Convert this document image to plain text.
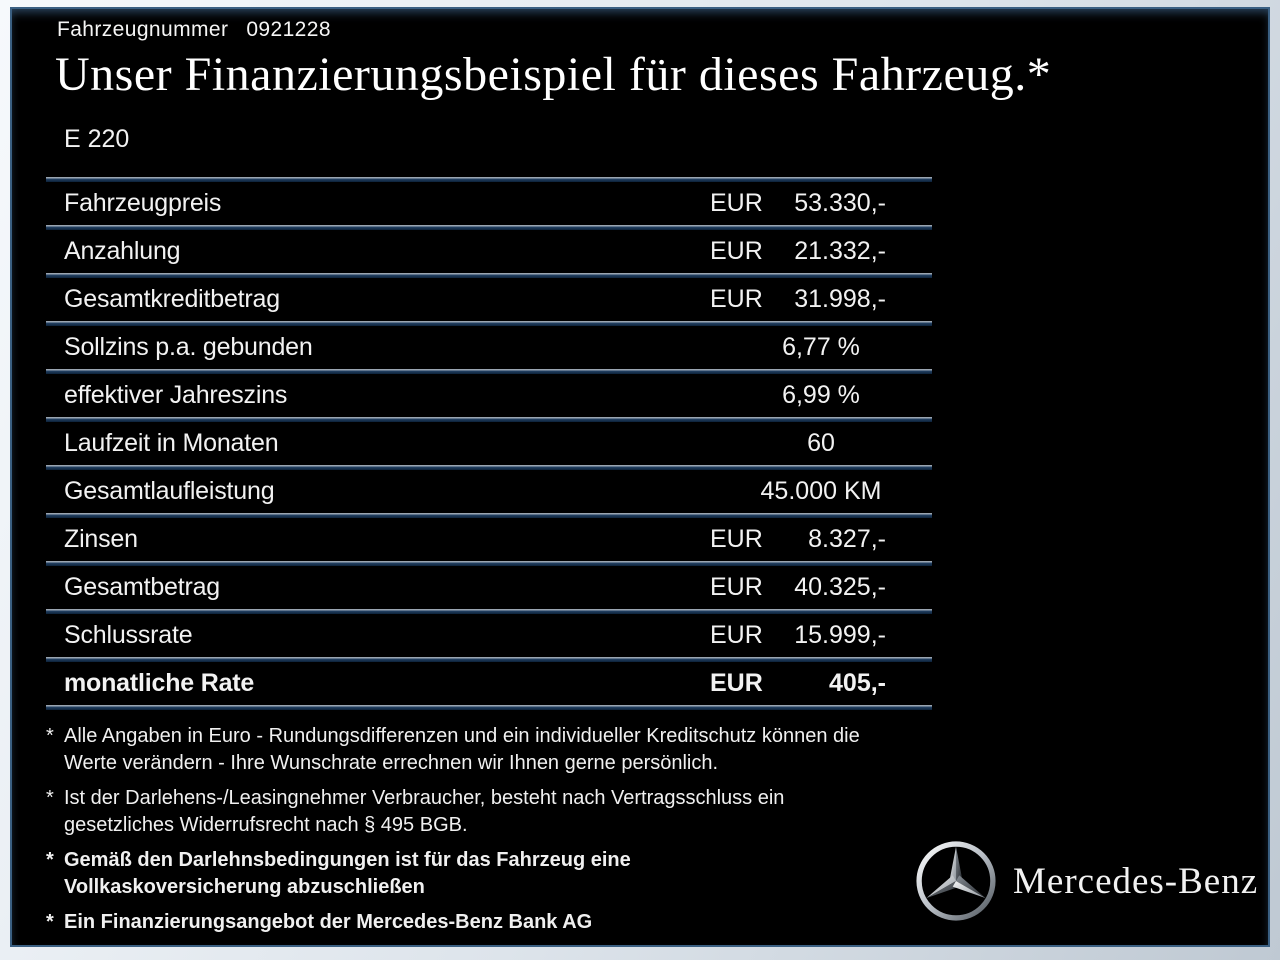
Fahrzeugnummer 0921228
Unser Finanzierungsbeispiel für dieses Fahrzeug.*
E 220
Fahrzeugpreis	EUR 53.330,-
Anzahlung	EUR 21.332,-
Gesamtkreditbetrag	EUR 31.998,-
Sollzins p.a. gebunden	6,77 %
effektiver Jahreszins	6,99 %
Laufzeit in Monaten	60
Gesamtlaufleistung	45.000 KM
Zinsen	EUR 8.327,-
Gesamtbetrag	EUR 40.325,-
Schlussrate	EUR 15.999,-
monatliche Rate	EUR	405,-
* Alle Angaben in Euro - Rundungsdifferenzen und ein individueller Kreditschutz können die
Werte verändern - Ihre Wunschrate errechnen wir Ihnen gerne persönlich.
* Ist der Darlehens-/Leasingnehmer Verbraucher, besteht nach Vertragsschluss ein
gesetzliches Widerrufsrecht nach § 495 BGB.
* Gemäß den Darlehnsbedingungen ist für das Fahrzeug eine
Vollkaskoversicherung abzuschließen
* Ein Finanzierungsangebot der Mercedes-Benz Bank AG
Mercedes-Benz
